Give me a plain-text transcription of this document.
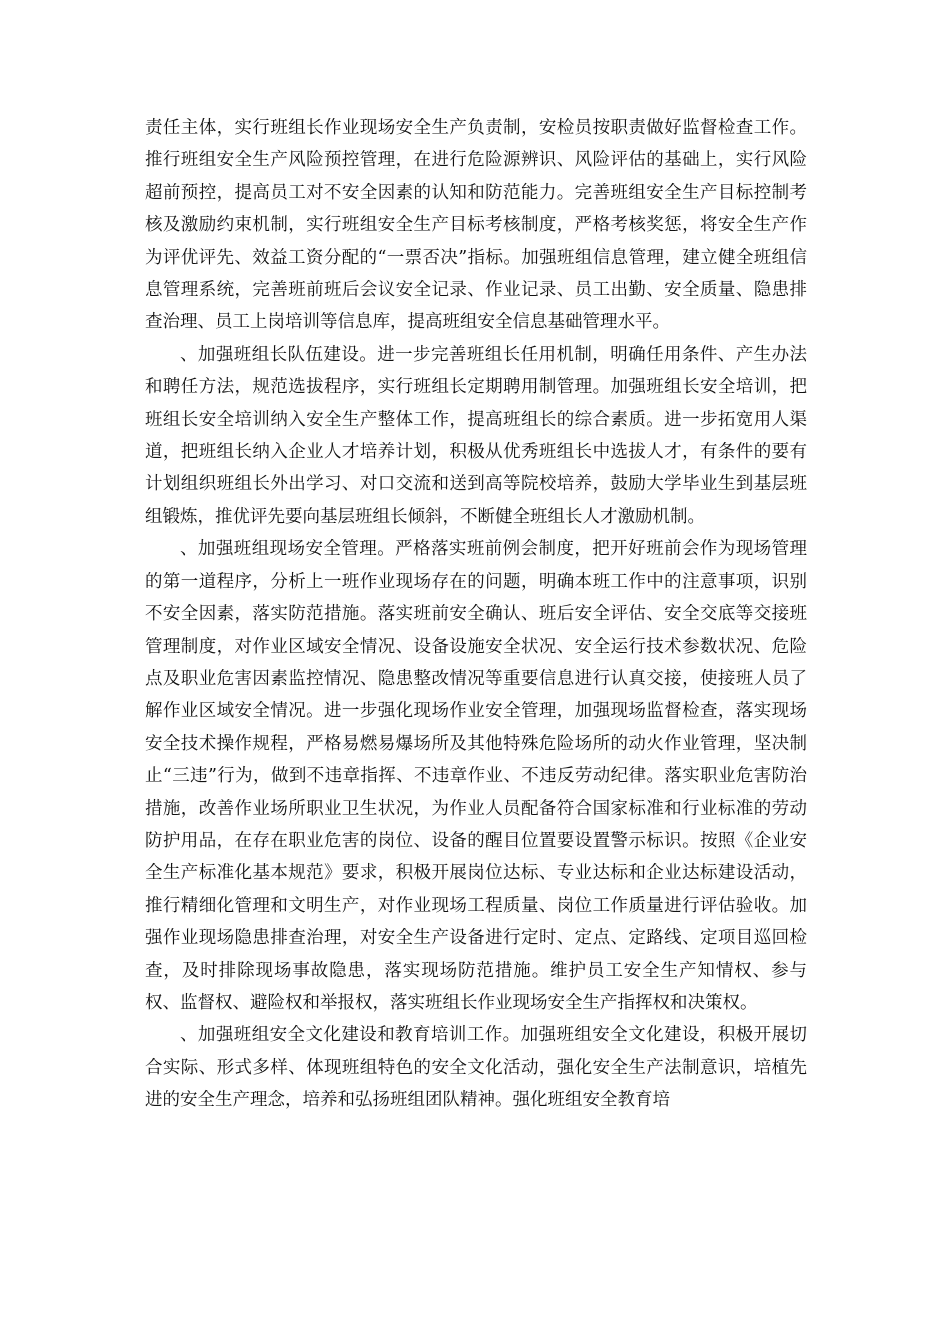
责任主体，实行班组长作业现场安全生产负责制，安检员按职责做好监督检查工作。推行班组安全生产风险预控管理，在进行危险源辨识、风险评估的基础上，实行风险超前预控，提高员工对不安全因素的认知和防范能力。完善班组安全生产目标控制考核及激励约束机制，实行班组安全生产目标考核制度，严格考核奖惩，将安全生产作为评优评先、效益工资分配的“一票否决”指标。加强班组信息管理，建立健全班组信息管理系统，完善班前班后会议安全记录、作业记录、员工出勤、安全质量、隐患排查治理、员工上岗培训等信息库，提高班组安全信息基础管理水平。

、加强班组长队伍建设。进一步完善班组长任用机制，明确任用条件、产生办法和聘任方法，规范选拔程序，实行班组长定期聘用制管理。加强班组长安全培训，把班组长安全培训纳入安全生产整体工作，提高班组长的综合素质。进一步拓宽用人渠道，把班组长纳入企业人才培养计划，积极从优秀班组长中选拔人才，有条件的要有计划组织班组长外出学习、对口交流和送到高等院校培养，鼓励大学毕业生到基层班组锻炼，推优评先要向基层班组长倾斜，不断健全班组长人才激励机制。

、加强班组现场安全管理。严格落实班前例会制度，把开好班前会作为现场管理的第一道程序，分析上一班作业现场存在的问题，明确本班工作中的注意事项，识别不安全因素，落实防范措施。落实班前安全确认、班后安全评估、安全交底等交接班管理制度，对作业区域安全情况、设备设施安全状况、安全运行技术参数状况、危险点及职业危害因素监控情况、隐患整改情况等重要信息进行认真交接，使接班人员了解作业区域安全情况。进一步强化现场作业安全管理，加强现场监督检查，落实现场安全技术操作规程，严格易燃易爆场所及其他特殊危险场所的动火作业管理，坚决制止“三违”行为，做到不违章指挥、不违章作业、不违反劳动纪律。落实职业危害防治措施，改善作业场所职业卫生状况，为作业人员配备符合国家标准和行业标准的劳动防护用品，在存在职业危害的岗位、设备的醒目位置要设置警示标识。按照《企业安全生产标准化基本规范》要求，积极开展岗位达标、专业达标和企业达标建设活动，推行精细化管理和文明生产，对作业现场工程质量、岗位工作质量进行评估验收。加强作业现场隐患排查治理，对安全生产设备进行定时、定点、定路线、定项目巡回检查，及时排除现场事故隐患，落实现场防范措施。维护员工安全生产知情权、参与权、监督权、避险权和举报权，落实班组长作业现场安全生产指挥权和决策权。

、加强班组安全文化建设和教育培训工作。加强班组安全文化建设，积极开展切合实际、形式多样、体现班组特色的安全文化活动，强化安全生产法制意识，培植先进的安全生产理念，培养和弘扬班组团队精神。强化班组安全教育培
